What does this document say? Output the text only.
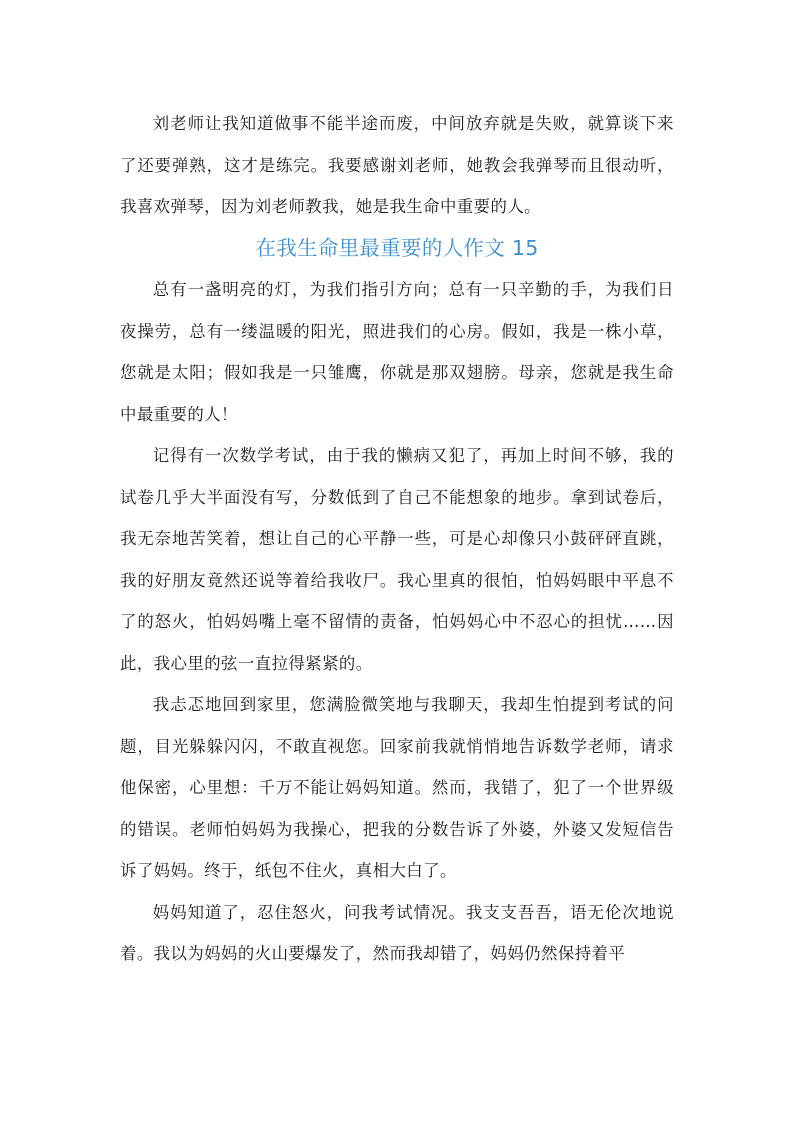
刘老师让我知道做事不能半途而废，中间放弃就是失败，就算谈下来了还要弹熟，这才是练完。我要感谢刘老师，她教会我弹琴而且很动听，我喜欢弹琴，因为刘老师教我，她是我生命中重要的人。

在我生命里最重要的人作文 15

总有一盏明亮的灯，为我们指引方向；总有一只辛勤的手，为我们日夜操劳，总有一缕温暖的阳光，照进我们的心房。假如，我是一株小草，您就是太阳；假如我是一只雏鹰，你就是那双翅膀。母亲，您就是我生命中最重要的人！

记得有一次数学考试，由于我的懒病又犯了，再加上时间不够，我的试卷几乎大半面没有写，分数低到了自己不能想象的地步。拿到试卷后，我无奈地苦笑着，想让自己的心平静一些，可是心却像只小鼓砰砰直跳，我的好朋友竟然还说等着给我收尸。我心里真的很怕，怕妈妈眼中平息不了的怒火，怕妈妈嘴上毫不留情的责备，怕妈妈心中不忍心的担忧……因此，我心里的弦一直拉得紧紧的。

我忐忑地回到家里，您满脸微笑地与我聊天，我却生怕提到考试的问题，目光躲躲闪闪，不敢直视您。回家前我就悄悄地告诉数学老师，请求他保密，心里想：千万不能让妈妈知道。然而，我错了，犯了一个世界级的错误。老师怕妈妈为我操心，把我的分数告诉了外婆，外婆又发短信告诉了妈妈。终于，纸包不住火，真相大白了。

妈妈知道了，忍住怒火，问我考试情况。我支支吾吾，语无伦次地说着。我以为妈妈的火山要爆发了，然而我却错了，妈妈仍然保持着平
